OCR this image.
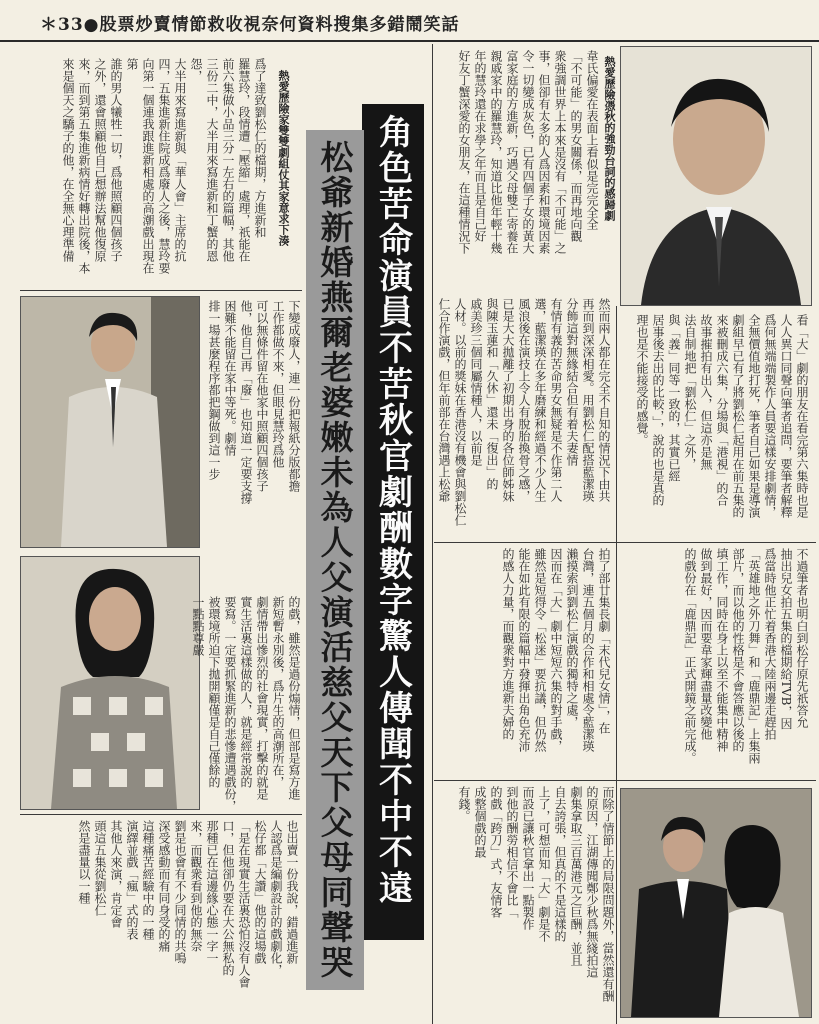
＊33●股票炒賣情節救收視奈何資料搜集多錯鬧笑話
熱愛歷險憑秋的強勁台詞的感歸劇
韋氏偏愛在表面上看似是完完全全
「不可能」的男女關係，而再地向觀
衆強調世界上本來是沒有「不可能」之
事，但卻有太多的人爲因素和環境因素
令一切變成灰色，已有四個子女的黃大
富家庭的方進新，巧遇父母雙亡寄養在
親戚家中的羅慧玲，知道比他年輕十幾
年的慧玲還在求學之年而且是自己好
好友丁蟹深愛的女朋友，在這種情況下
角色苦命演員不苦秋官劇酬數字驚人傳聞不中不遠
松爺新婚燕爾老婆嫩未為人父演活慈父天下父母同聲哭
爲了達致劉松仁的檔期，方進新和
羅慧玲，段情遭「壓縮」處理，祇能在
前六集做小品三分一左右的篇幅，其他
三份二中，大半用來寫進新和丁蟹的恩怨，
大半用來寫進新與「華人會」主席的抗
四，五集進新住院成爲廢人之後，慧玲要
向第一個連我跟進新相處的高潮戲出現在第
誰的男人犧牲一切，爲他照顧四個孩子
之外，還會照顧他自己想辦法幫他復原
來，而到第五集進新病情好轉出院後，本
來是個天之驕子的他，在全無心理準備	熱愛歷險家雙雙劇組仗其家意求下湊
然而兩人都在完全不自知的情況下由共
再而到深深相愛。用劉松仁配搭藍潔瑛
分飾這對無緣結合但有着夫妻情
有情有義的苦命男女無疑是不作第二人
選，藍潔瑛在多年磨練和經過不少人生
風浪後在演技上令人有脫胎換骨之感，
已是大大拋離了初期出身的各位師姊妹
與陳玉蓮和「久休」還未「復出」的
戚美珍三個同屬情種人，以前是
人材。以前的獎妹在香港沒有機會與劉松仁
仁合作演戲，但年前部在台灣遇上松爺	看「大」劇的朋友在看完第六集時也是
人人異口同聲向筆者追問，要筆者解釋
爲何無端端製作人員要這樣安排劇情，
全無價值地打死，筆者自己如果是導演
劇組早已有了將劉松仁起用在前五集的
來被刪成六集，分場與「港視」的合
故事摧拍有出入，但這亦是無
法自制地把「劉松仁」之外，
與「義」同等一致的，其實已經
居事後去出的比較，」，說的也是真的
理也是不能接受的感覺。
拍了部廿集長劇「末代兒女情」，在
台灣，連五個月的合作和相處令藍潔瑛
瀨摸索到劉松仁演戲的獨特之處，
因而在「大」劇中短短六集的對手戲，
雖然是短得令「松迷」要抗議，但仍然
能在如此有限的篇幅中發揮出角色充沛
的感人力量，而觀衆對方進新夫婦的	不過筆者也明白到松仔原先祇答允
抽出兒女拍五集的檔期給TVB，因
爲當時他正忙着香港大陸兩邊走趕拍
「英雄地之外刀舞」和「鹿鼎記」上集兩
部片，而以他的性格是不會答應以後的
填工作，同時在身上以至不能集中精神
做到最好，因而要韋家輝盡量改變他
的戲份在「鹿鼎記」正式開鏡之前完成。
下變成廢人，連一份把報紙分版都擔
工作都做不來，但眼見慧玲爲他
可以無條件留在他家中照顧四個孩子
他，他自己再「廢」也知道一定要支撐
困難不能留在家中等死。劇情
排一場甚麼程序都把鋼做到這一步
的戲，雖然是過份煽情，但部是寫方進
新短暫永別後，爲片生的高潮所在，
劇情帶出慘烈的社會現實，打擊的就是
實生活裏這樣做的人，就是經常說的
要寫。一定要抓緊進新的悲慘遭遇戲份，
被環境所迫下拋開顧僅是自己僅餘的
一點點尊嚴
也出賣一份我說，錯過進新
人認爲是編劇設計的戲劇化，
松仔都「大讚」他的這場戲
「是在現實生活裏恐怕沒有人會
口，但他卻仍要在大公無私的
那種已在這邊緣心態一字一
來，而觀衆看到他的無奈
劉是也會有不少同情的共鳴
深受感動而有同身受的痛
這種痛苦經驗中的一種
演繹並戲「瘋」式的表
其他人來演，肯定會
頭這五集從劉松仁
然是盡量以一種	而除了情節上的局限問題外，當然還有酬
的原因，江湖傳聞鄭少秋爲無綫拍這
劇集拿取三百萬港元之巨酬，並且
自去誇張，但真的不是這樣的
上了，可想而知「大」劇是不
而設已讓秋官拿出一點製作
到他的酬勞相信不會比「
的戲「跨刀」式，友情客
成整個戲的最
有錢。
